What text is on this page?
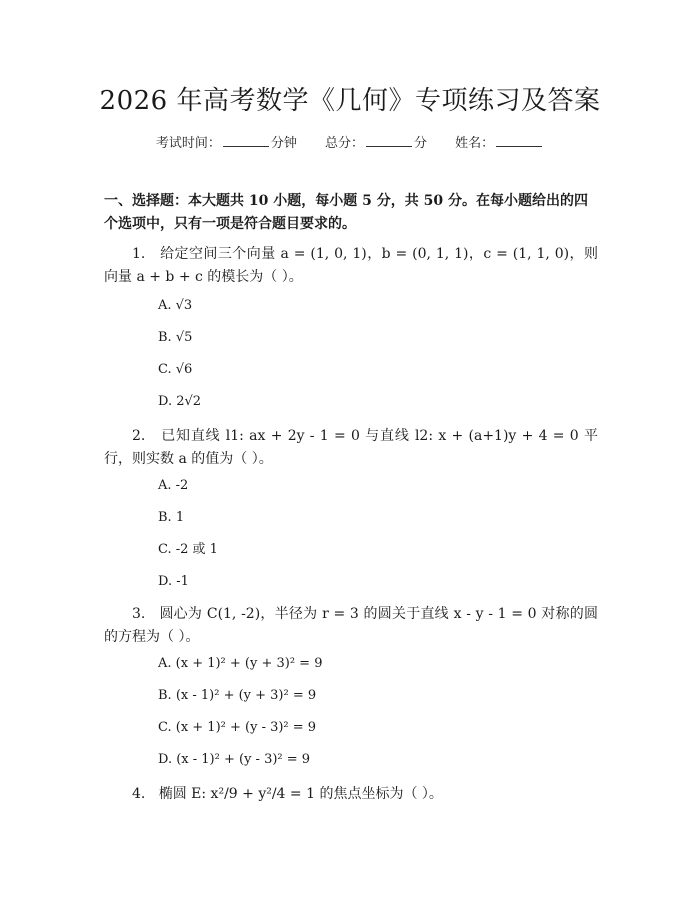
2026 年高考数学《几何》专项练习及答案
考试时间：	分钟 总分：	分 姓名：
一、选择题：本大题共 10 小题，每小题 5 分，共 50 分。在每小题给出的四个选项中，只有一项是符合题目要求的。
1. 给定空间三个向量 a = (1, 0, 1)，b = (0, 1, 1)，c = (1, 1, 0)，则向量 a + b + c 的模长为（ ）。
A. √3
B. √5
C. √6
D. 2√2
2. 已知直线 l1: ax + 2y - 1 = 0 与直线 l2: x + (a+1)y + 4 = 0 平行，则实数 a 的值为（ ）。
A. -2
B. 1
C. -2 或 1
D. -1
3. 圆心为 C(1, -2)，半径为 r = 3 的圆关于直线 x - y - 1 = 0 对称的圆的方程为（ ）。
A. (x + 1)² + (y + 3)² = 9
B. (x - 1)² + (y + 3)² = 9
C. (x + 1)² + (y - 3)² = 9
D. (x - 1)² + (y - 3)² = 9
4. 椭圆 E: x²/9 + y²/4 = 1 的焦点坐标为（ ）。
